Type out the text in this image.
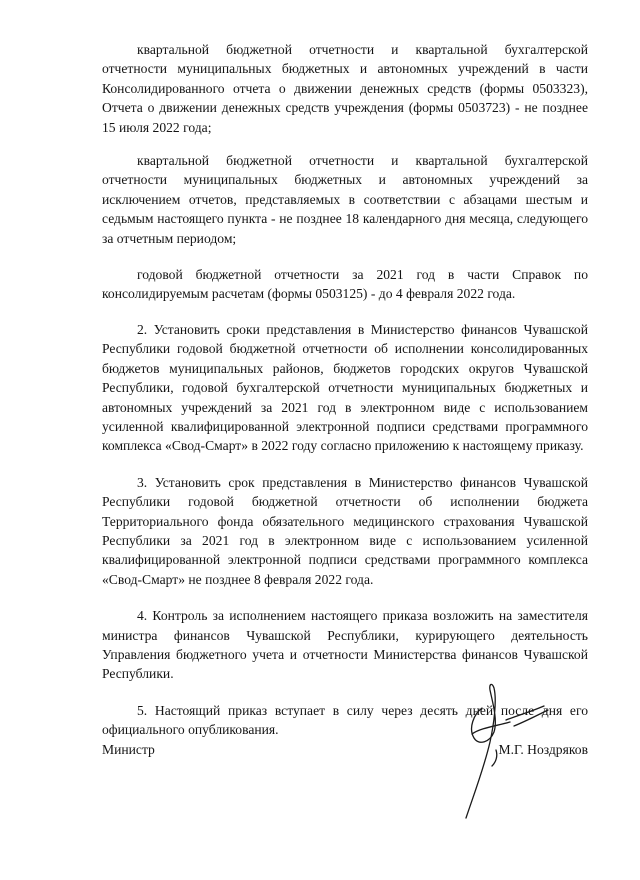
квартальной бюджетной отчетности и квартальной бухгалтерской отчетности муниципальных бюджетных и автономных учреждений в части Консолидированного отчета о движении денежных средств (формы 0503323), Отчета о движении денежных средств учреждения (формы 0503723) - не позднее 15 июля 2022 года;

квартальной бюджетной отчетности и квартальной бухгалтерской отчетности муниципальных бюджетных и автономных учреждений за исключением отчетов, представляемых в соответствии с абзацами шестым и седьмым настоящего пункта - не позднее 18 календарного дня месяца, следующего за отчетным периодом;

годовой бюджетной отчетности за 2021 год в части Справок по консолидируемым расчетам (формы 0503125) - до 4 февраля 2022 года.

2. Установить сроки представления в Министерство финансов Чувашской Республики годовой бюджетной отчетности об исполнении консолидированных бюджетов муниципальных районов, бюджетов городских округов Чувашской Республики, годовой бухгалтерской отчетности муниципальных бюджетных и автономных учреждений за 2021 год в электронном виде с использованием усиленной квалифицированной электронной подписи средствами программного комплекса «Свод-Смарт» в 2022 году согласно приложению к настоящему приказу.

3. Установить срок представления в Министерство финансов Чувашской Республики годовой бюджетной отчетности об исполнении бюджета Территориального фонда обязательного медицинского страхования Чувашской Республики за 2021 год в электронном виде с использованием усиленной квалифицированной электронной подписи средствами программного комплекса «Свод-Смарт» не позднее 8 февраля 2022 года.

4. Контроль за исполнением настоящего приказа возложить на заместителя министра финансов Чувашской Республики, курирующего деятельность Управления бюджетного учета и отчетности Министерства финансов Чувашской Республики.

5. Настоящий приказ вступает в силу через десять дней после дня его официального опубликования.

Министр	М.Г. Ноздряков
